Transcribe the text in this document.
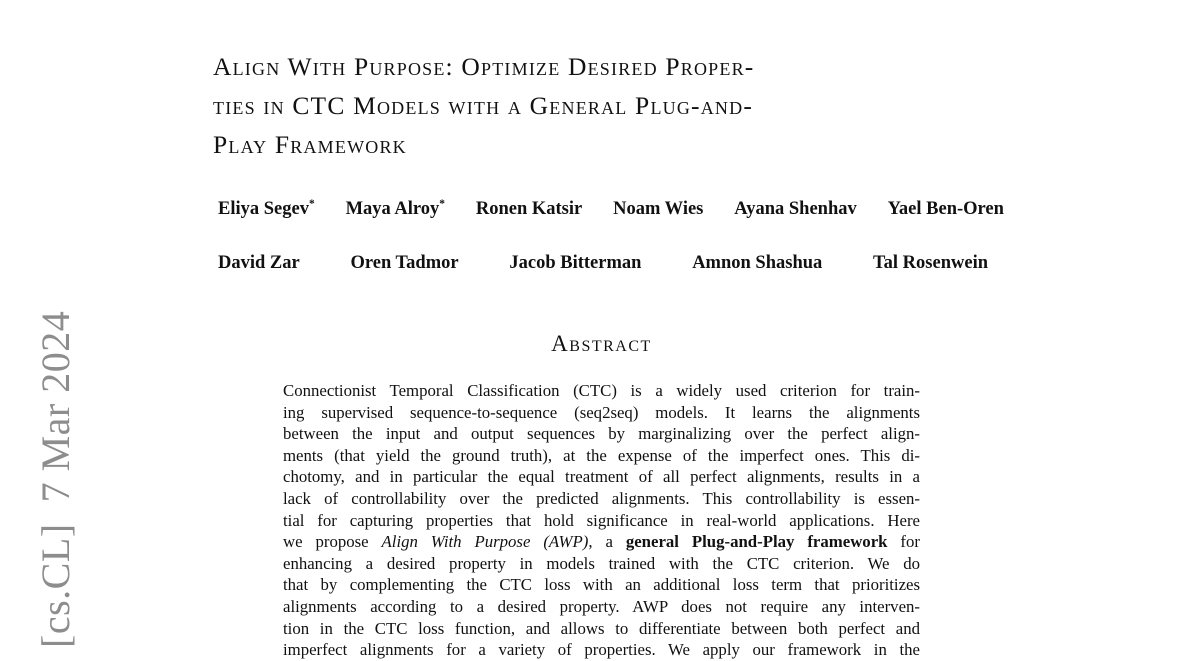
[cs.CL]  7 Mar 2024
Align With Purpose: Optimize Desired Proper-
ties in CTC Models with a General Plug-and-
Play Framework
Eliya Segev* Maya Alroy* Ronen Katsir Noam Wies Ayana Shenhav Yael Ben-Oren
David Zar	Oren Tadmor	Jacob Bitterman	Amnon Shashua	Tal Rosenwein
Abstract
Connectionist Temporal Classification (CTC) is a widely used criterion for train-
ing supervised sequence-to-sequence (seq2seq) models. It learns the alignments
between the input and output sequences by marginalizing over the perfect align-
ments (that yield the ground truth), at the expense of the imperfect ones. This di-
chotomy, and in particular the equal treatment of all perfect alignments, results in a
lack of controllability over the predicted alignments. This controllability is essen-
tial for capturing properties that hold significance in real-world applications. Here
we propose Align With Purpose (AWP), a general Plug-and-Play framework for
enhancing a desired property in models trained with the CTC criterion. We do
that by complementing the CTC loss with an additional loss term that prioritizes
alignments according to a desired property. AWP does not require any interven-
tion in the CTC loss function, and allows to differentiate between both perfect and
imperfect alignments for a variety of properties. We apply our framework in the
